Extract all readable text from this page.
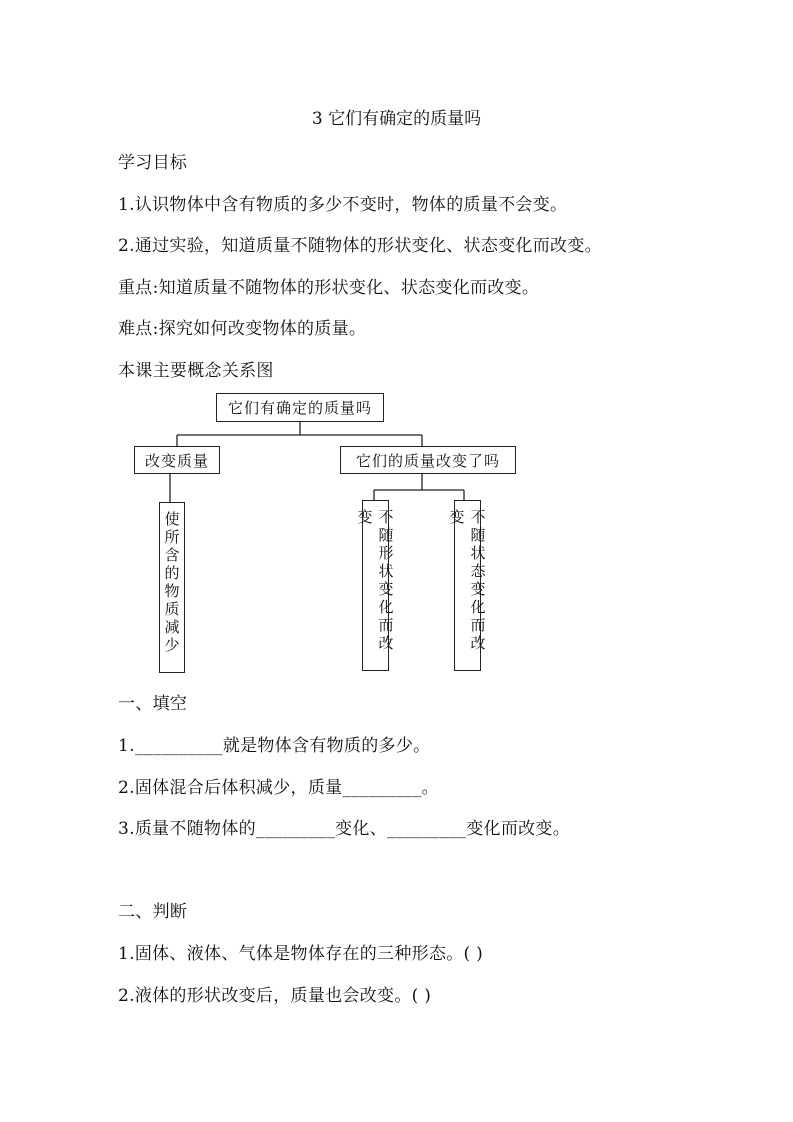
3 它们有确定的质量吗
学习目标
1.认识物体中含有物质的多少不变时，物体的质量不会变。
2.通过实验，知道质量不随物体的形状变化、状态变化而改变。
重点:知道质量不随物体的形状变化、状态变化而改变。
难点:探究如何改变物体的质量。
本课主要概念关系图
它们有确定的质量吗
改变质量	它们的质量改变了吗
使所含的物质减少	不随形状变化而改变	不随状态变化而改变
一、填空
1.__________就是物体含有物质的多少。
2.固体混合后体积减少，质量_________。
3.质量不随物体的_________变化、_________变化而改变。
二、判断
1.固体、液体、气体是物体存在的三种形态。( )
2.液体的形状改变后，质量也会改变。( )
